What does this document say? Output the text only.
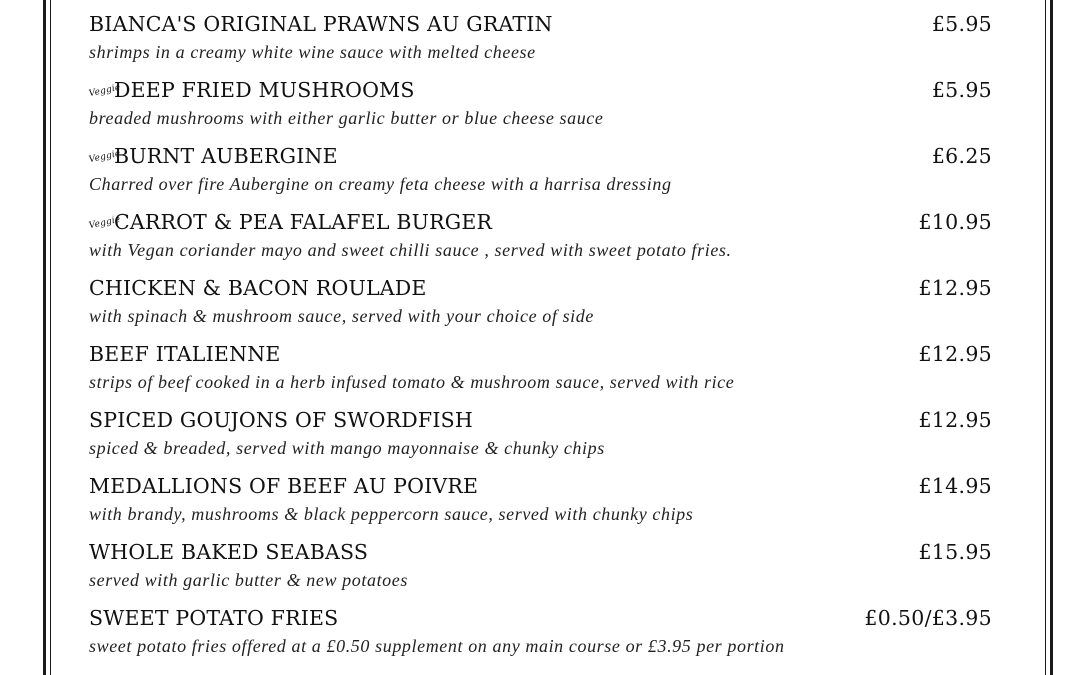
BIANCA'S ORIGINAL PRAWNS AU GRATIN	£5.95
shrimps in a creamy white wine sauce with melted cheese
VeggieDEEP FRIED MUSHROOMS	£5.95
breaded mushrooms with either garlic butter or blue cheese sauce
VeggieBURNT AUBERGINE	£6.25
Charred over fire Aubergine on creamy feta cheese with a harrisa dressing
VeggieCARROT & PEA FALAFEL BURGER	£10.95
with Vegan coriander mayo and sweet chilli sauce , served with sweet potato fries.
CHICKEN & BACON ROULADE	£12.95
with spinach & mushroom sauce, served with your choice of side
BEEF ITALIENNE	£12.95
strips of beef cooked in a herb infused tomato & mushroom sauce, served with rice
SPICED GOUJONS OF SWORDFISH	£12.95
spiced & breaded, served with mango mayonnaise & chunky chips
MEDALLIONS OF BEEF AU POIVRE	£14.95
with brandy, mushrooms & black peppercorn sauce, served with chunky chips
WHOLE BAKED SEABASS	£15.95
served with garlic butter & new potatoes
SWEET POTATO FRIES	£0.50/£3.95
sweet potato fries offered at a £0.50 supplement on any main course or £3.95 per portion
